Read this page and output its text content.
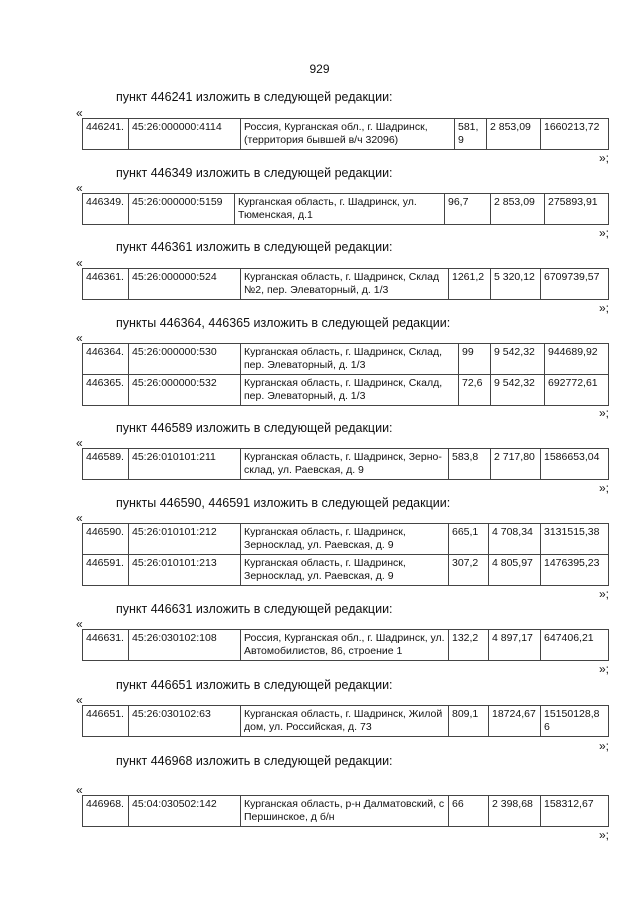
929
пункт 446241 изложить в следующей редакции:
«
446241.	45:26:000000:4114	Россия, Курганская обл., г. Шадринск, (территория бывшей в/ч 32096)	581,9	2 853,09	1660213,72
»;
пункт 446349 изложить в следующей редакции:
«
446349.	45:26:000000:5159	Курганская область, г. Шадринск, ул. Тюменская, д.1	96,7	2 853,09	275893,91
»;
пункт 446361 изложить в следующей редакции:
«
446361.	45:26:000000:524	Курганская область, г. Шадринск, Склад №2, пер. Элеваторный, д. 1/3	1261,2	5 320,12	6709739,57
»;
пункты 446364, 446365 изложить в следующей редакции:
«
446364.	45:26:000000:530	Курганская область, г. Шадринск, Склад, пер. Элеваторный, д. 1/3	99	9 542,32	944689,92
446365.	45:26:000000:532	Курганская область, г. Шадринск, Скалд, пер. Элеваторный, д. 1/3	72,6	9 542,32	692772,61
»;
пункт 446589 изложить в следующей редакции:
«
446589.	45:26:010101:211	Курганская область, г. Шадринск, Зерно-склад, ул. Раевская, д. 9	583,8	2 717,80	1586653,04
»;
пункты 446590, 446591 изложить в следующей редакции:
«
446590.	45:26:010101:212	Курганская область, г. Шадринск, Зерносклад, ул. Раевская, д. 9	665,1	4 708,34	3131515,38
446591.	45:26:010101:213	Курганская область, г. Шадринск, Зерносклад, ул. Раевская, д. 9	307,2	4 805,97	1476395,23
»;
пункт 446631 изложить в следующей редакции:
«
446631.	45:26:030102:108	Россия, Курганская обл., г. Шадринск, ул. Автомобилистов, 86, строение 1	132,2	4 897,17	647406,21
»;
пункт 446651 изложить в следующей редакции:
«
446651.	45:26:030102:63	Курганская область, г. Шадринск, Жилой дом, ул. Российская, д. 73	809,1	18724,67	15150128,86
»;
пункт 446968 изложить в следующей редакции:
«
446968.	45:04:030502:142	Курганская область, р-н Далматовский, с Першинское, д б/н	66	2 398,68	158312,67
»;
